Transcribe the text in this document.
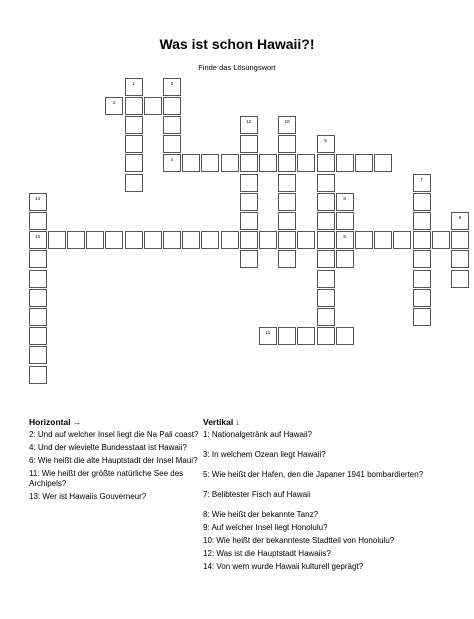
Was ist schon Hawaii?!
Finde das Lösungswort
1
2
3
4
5
13	6
7
8
9
10
11
12
14
Horizontal →
2: Und auf welcher Insel liegt die Na Pali coast?
4: Und der wievielte Bundesstaat ist Hawaii?
6: Wie heißt die alte Hauptstadt der Insel Maui?
11: Wie heißt der größte natürliche See des Archipels?
13: Wer ist Hawaiis Gouverneur?
Vertikal ↓
1: Nationalgetränk auf Hawaii?
3: In welchem Ozean liegt Hawaii?
5: Wie heißt der Hafen, den die Japaner 1941 bombardierten?
7: Belibtester Fisch auf Hawaii
8: Wie heißt der bekannte Tanz?
9: Auf welcher Insel liegt Honolulu?
10: Wie heißt der bekannteste Stadtteil von Honolulu?
12: Was ist die Hauptstadt Hawaiis?
14: Von wem wurde Hawaii kulturell geprägt?
